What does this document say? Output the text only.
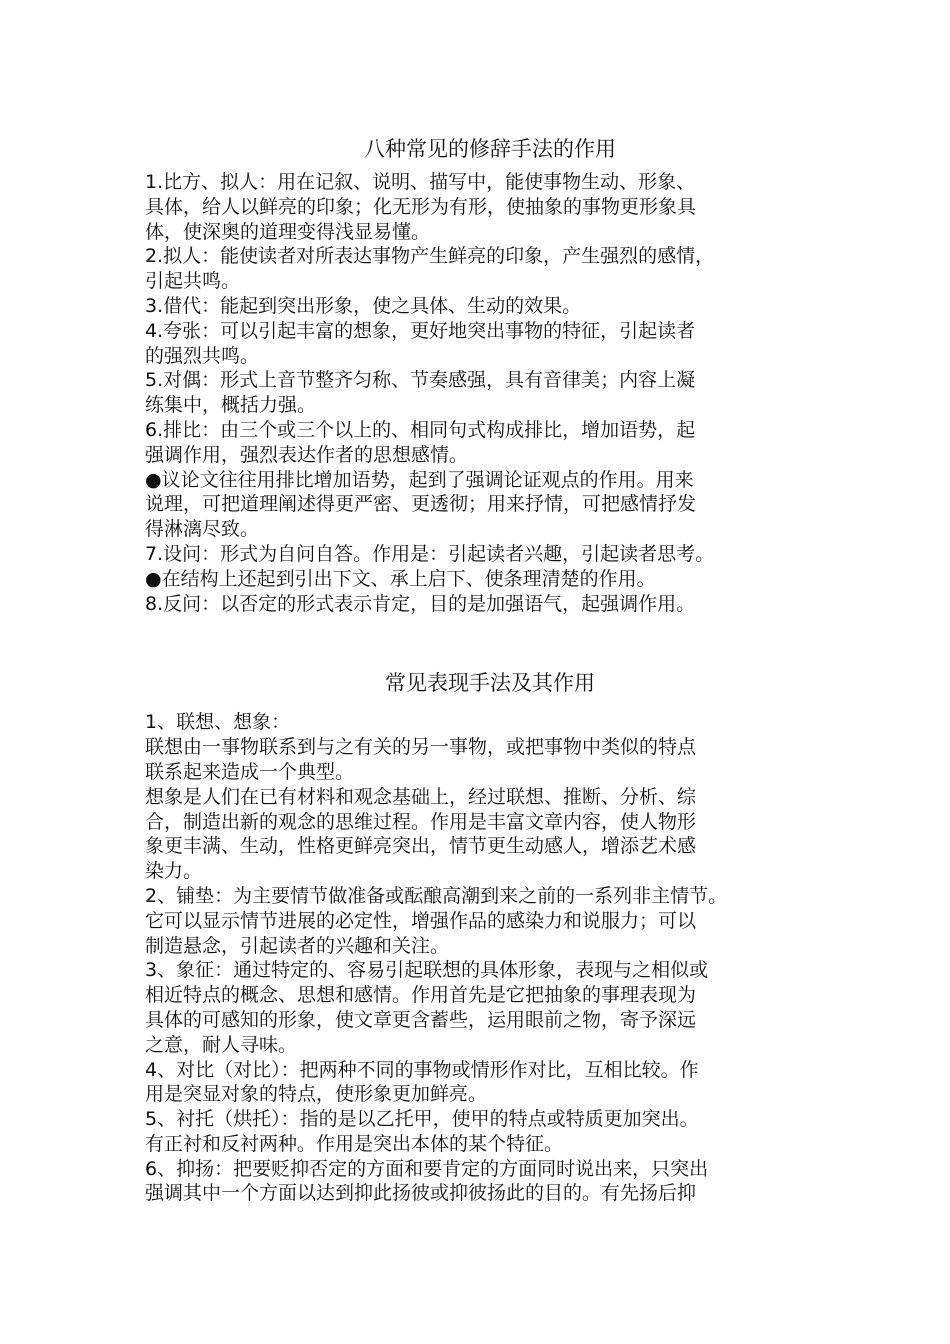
八种常见的修辞手法的作用

1.比方、拟人：用在记叙、说明、描写中，能使事物生动、形象、
具体，给人以鲜亮的印象；化无形为有形，使抽象的事物更形象具
体，使深奥的道理变得浅显易懂。

2.拟人：能使读者对所表达事物产生鲜亮的印象，产生强烈的感情，
引起共鸣。

3.借代：能起到突出形象，使之具体、生动的效果。

4.夸张：可以引起丰富的想象，更好地突出事物的特征，引起读者
的强烈共鸣。

5.对偶：形式上音节整齐匀称、节奏感强，具有音律美；内容上凝
练集中，概括力强。

6.排比：由三个或三个以上的、相同句式构成排比，增加语势，起
强调作用，强烈表达作者的思想感情。

●议论文往往用排比增加语势，起到了强调论证观点的作用。用来
说理，可把道理阐述得更严密、更透彻；用来抒情，可把感情抒发
得淋漓尽致。

7.设问：形式为自问自答。作用是：引起读者兴趣，引起读者思考。

●在结构上还起到引出下文、承上启下、使条理清楚的作用。

8.反问：以否定的形式表示肯定，目的是加强语气，起强调作用。

常见表现手法及其作用

1、联想、想象：

联想由一事物联系到与之有关的另一事物，或把事物中类似的特点
联系起来造成一个典型。

想象是人们在已有材料和观念基础上，经过联想、推断、分析、综
合，制造出新的观念的思维过程。作用是丰富文章内容，使人物形
象更丰满、生动，性格更鲜亮突出，情节更生动感人，增添艺术感
染力。

2、铺垫：为主要情节做准备或酝酿高潮到来之前的一系列非主情节。
它可以显示情节进展的必定性，增强作品的感染力和说服力；可以
制造悬念，引起读者的兴趣和关注。

3、象征：通过特定的、容易引起联想的具体形象，表现与之相似或
相近特点的概念、思想和感情。作用首先是它把抽象的事理表现为
具体的可感知的形象，使文章更含蓄些，运用眼前之物，寄予深远
之意，耐人寻味。

4、对比（对比）：把两种不同的事物或情形作对比，互相比较。作
用是突显对象的特点，使形象更加鲜亮。

5、衬托（烘托）：指的是以乙托甲，使甲的特点或特质更加突出。
有正衬和反衬两种。作用是突出本体的某个特征。

6、抑扬：把要贬抑否定的方面和要肯定的方面同时说出来，只突出
强调其中一个方面以达到抑此扬彼或抑彼扬此的目的。有先扬后抑
